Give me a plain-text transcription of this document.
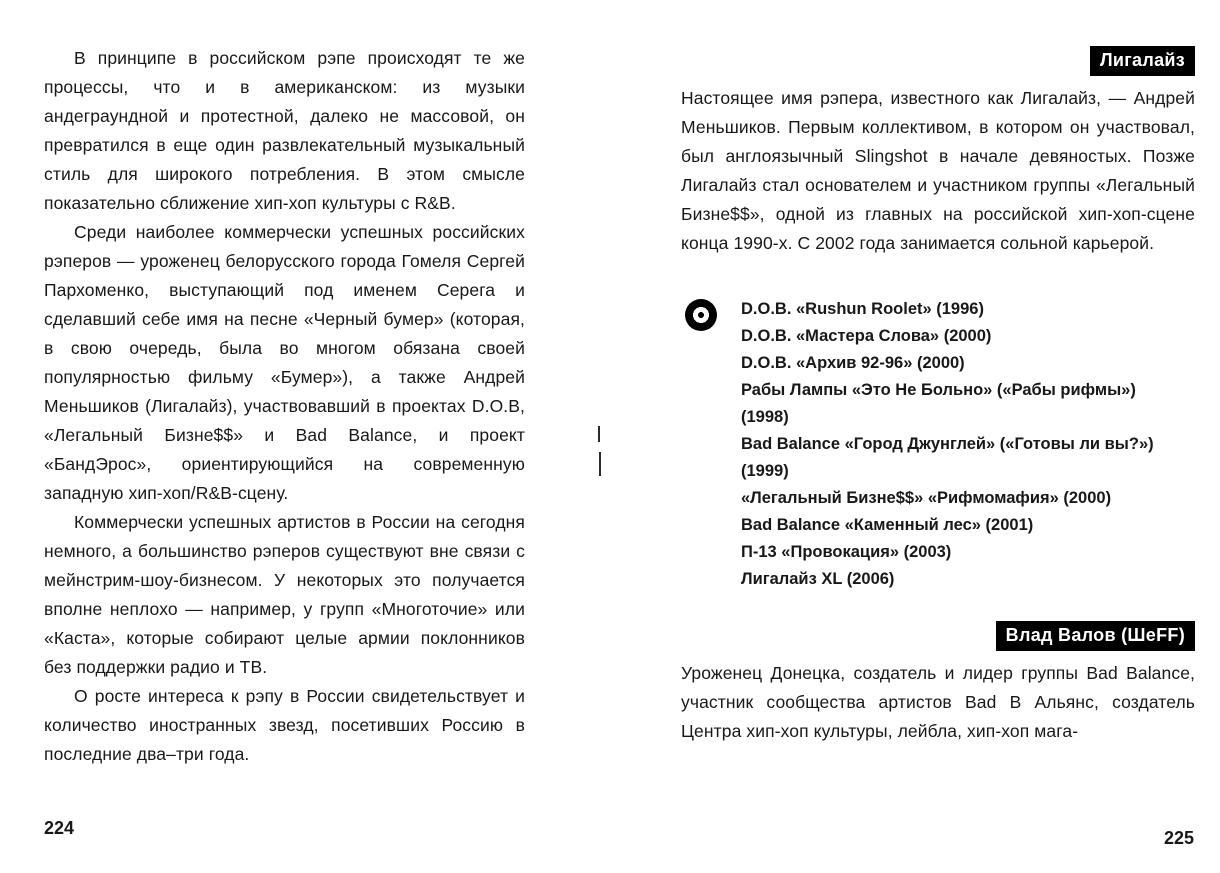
В принципе в российском рэпе происходят те же процессы, что и в американском: из музыки андеграундной и протестной, далеко не массовой, он превратился в еще один развлекательный музыкальный стиль для широкого потребления. В этом смысле показательно сближение хип-хоп культуры с R&B.

Среди наиболее коммерчески успешных российских рэперов — уроженец белорусского города Гомеля Сергей Пархоменко, выступающий под именем Серега и сделавший себе имя на песне «Черный бумер» (которая, в свою очередь, была во многом обязана своей популярностью фильму «Бумер»), а также Андрей Меньшиков (Лигалайз), участвовавший в проектах D.O.B, «Легальный Бизне$$» и Bad Balance, и проект «БандЭрос», ориентирующийся на современную западную хип-хоп/R&B-сцену.

Коммерчески успешных артистов в России на сегодня немного, а большинство рэперов существуют вне связи с мейнстрим-шоу-бизнесом. У некоторых это получается вполне неплохо — например, у групп «Многоточие» или «Каста», которые собирают целые армии поклонников без поддержки радио и ТВ.

О росте интереса к рэпу в России свидетельствует и количество иностранных звезд, посетивших Россию в последние два–три года.

Лигалайз

Настоящее имя рэпера, известного как Лигалайз, — Андрей Меньшиков. Первым коллективом, в котором он участвовал, был англоязычный Slingshot в начале девяностых. Позже Лигалайз стал основателем и участником группы «Легальный Бизне$$», одной из главных на российской хип-хоп-сцене конца 1990-х. С 2002 года занимается сольной карьерой.

D.O.B. «Rushun Roolet» (1996)
D.O.B. «Мастера Слова» (2000)
D.O.B. «Архив 92-96» (2000)
Рабы Лампы «Это Не Больно» («Рабы рифмы») (1998)
Bad Balance «Город Джунглей» («Готовы ли вы?») (1999)
«Легальный Бизне$$» «Рифмомафия» (2000)
Bad Balance «Каменный лес» (2001)
П-13 «Провокация» (2003)
Лигалайз XL (2006)
Влад Валов (ШеFF)

Уроженец Донецка, создатель и лидер группы Bad Balance, участник сообщества артистов Bad В Альянс, создатель Центра хип-хоп культуры, лейбла, хип-хоп мага-

224	225
